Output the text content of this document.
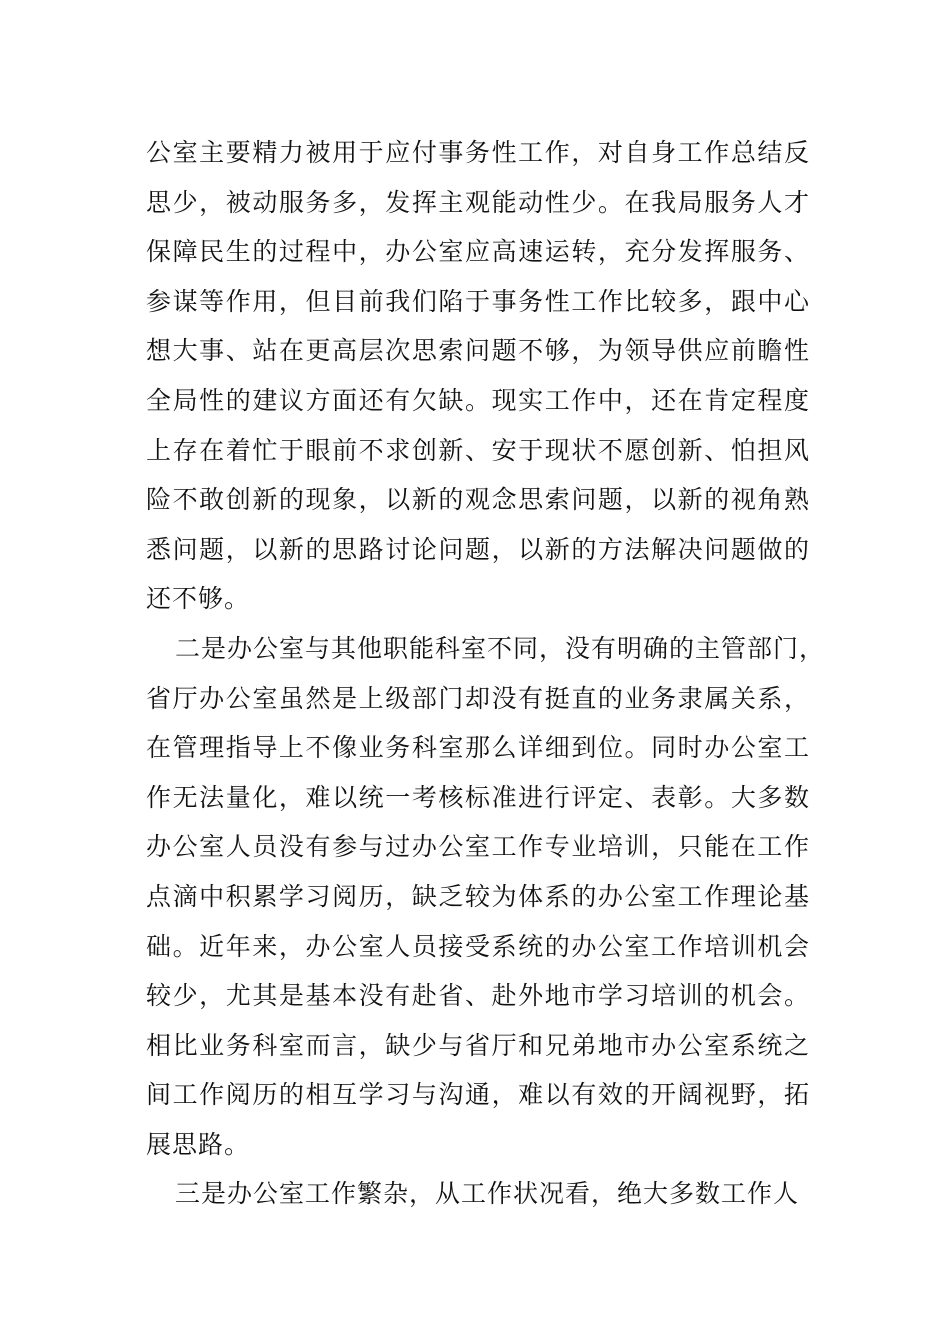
公室主要精力被用于应付事务性工作，对自身工作总结反
思少，被动服务多，发挥主观能动性少。在我局服务人才
保障民生的过程中，办公室应高速运转，充分发挥服务、
参谋等作用，但目前我们陷于事务性工作比较多，跟中心
想大事、站在更高层次思索问题不够，为领导供应前瞻性
全局性的建议方面还有欠缺。现实工作中，还在肯定程度
上存在着忙于眼前不求创新、安于现状不愿创新、怕担风
险不敢创新的现象，以新的观念思索问题，以新的视角熟
悉问题，以新的思路讨论问题，以新的方法解决问题做的
还不够。
二是办公室与其他职能科室不同，没有明确的主管部门，
省厅办公室虽然是上级部门却没有挺直的业务隶属关系，
在管理指导上不像业务科室那么详细到位。同时办公室工
作无法量化，难以统一考核标准进行评定、表彰。大多数
办公室人员没有参与过办公室工作专业培训，只能在工作
点滴中积累学习阅历，缺乏较为体系的办公室工作理论基
础。近年来，办公室人员接受系统的办公室工作培训机会
较少，尤其是基本没有赴省、赴外地市学习培训的机会。
相比业务科室而言，缺少与省厅和兄弟地市办公室系统之
间工作阅历的相互学习与沟通，难以有效的开阔视野，拓
展思路。
三是办公室工作繁杂，从工作状况看，绝大多数工作人
